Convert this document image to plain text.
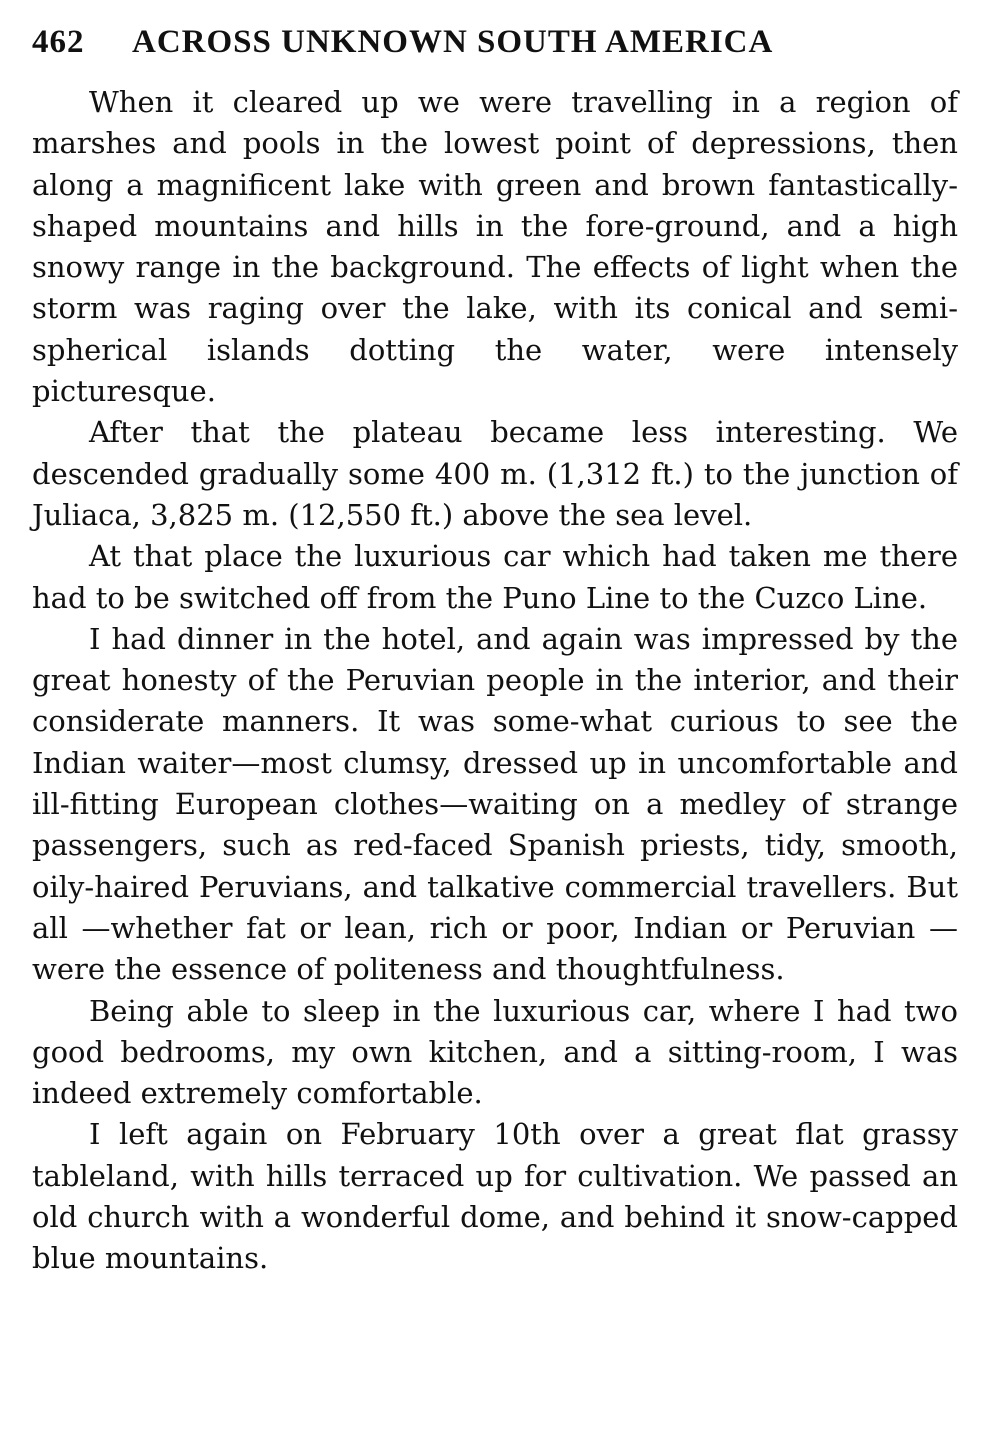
462 ACROSS UNKNOWN SOUTH AMERICA

When it cleared up we were travelling in a region of marshes and pools in the lowest point of depressions, then along a magnificent lake with green and brown fantastically-shaped mountains and hills in the fore-ground, and a high snowy range in the background. The effects of light when the storm was raging over the lake, with its conical and semi-spherical islands dotting the water, were intensely picturesque.

After that the plateau became less interesting. We descended gradually some 400 m. (1,312 ft.) to the junction of Juliaca, 3,825 m. (12,550 ft.) above the sea level.

At that place the luxurious car which had taken me there had to be switched off from the Puno Line to the Cuzco Line.

I had dinner in the hotel, and again was impressed by the great honesty of the Peruvian people in the interior, and their considerate manners. It was some-what curious to see the Indian waiter—most clumsy, dressed up in uncomfortable and ill-fitting European clothes—waiting on a medley of strange passengers, such as red-faced Spanish priests, tidy, smooth, oily-haired Peruvians, and talkative commercial travellers. But all —whether fat or lean, rich or poor, Indian or Peruvian —were the essence of politeness and thoughtfulness.

Being able to sleep in the luxurious car, where I had two good bedrooms, my own kitchen, and a sitting-room, I was indeed extremely comfortable.

I left again on February 10th over a great flat grassy tableland, with hills terraced up for cultivation. We passed an old church with a wonderful dome, and behind it snow-capped blue mountains.
